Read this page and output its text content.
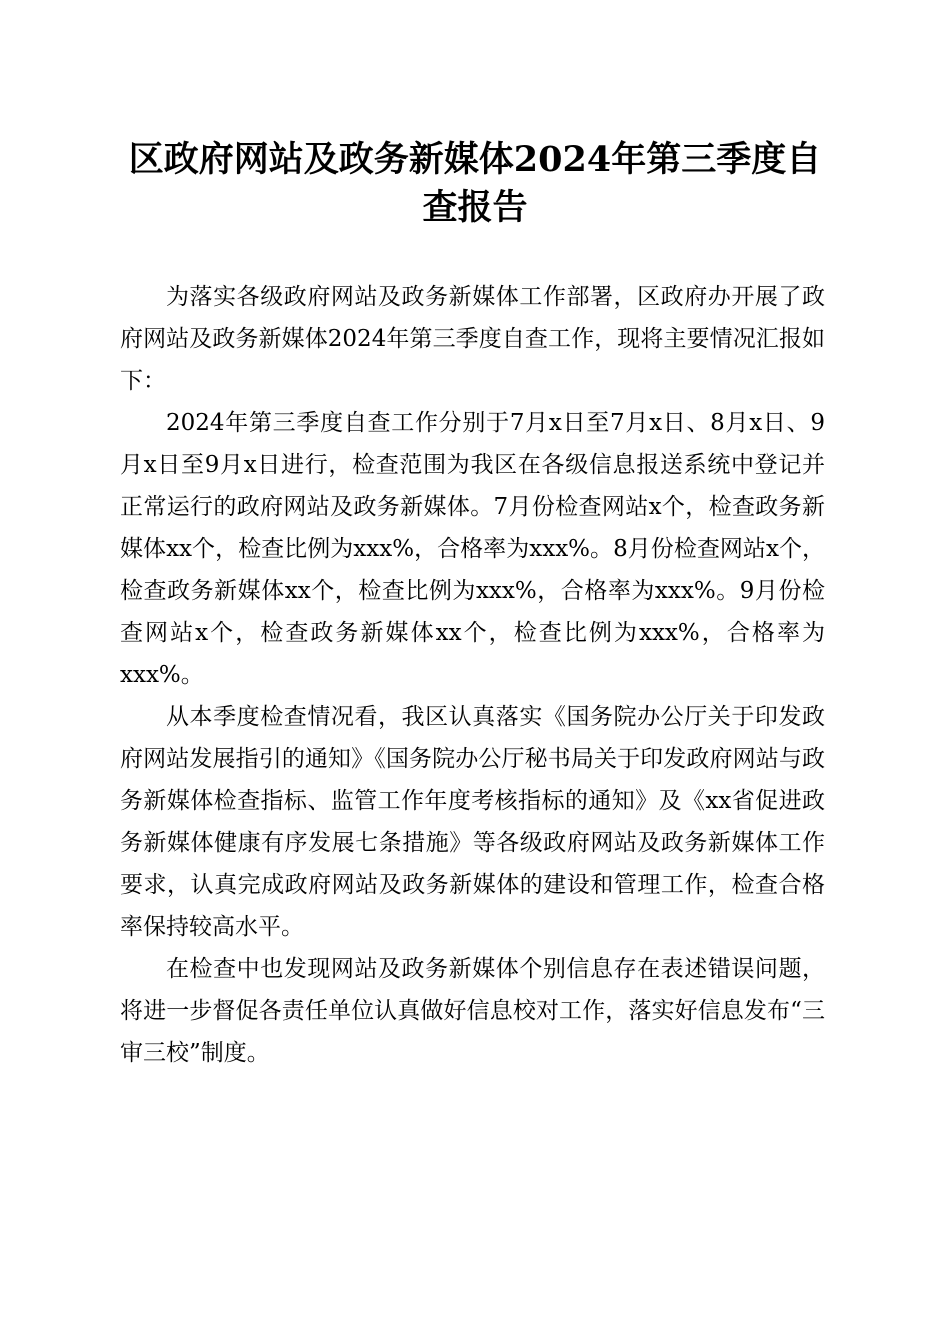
区政府网站及政务新媒体2024年第三季度自查报告

为落实各级政府网站及政务新媒体工作部署，区政府办开展了政府网站及政务新媒体2024年第三季度自查工作，现将主要情况汇报如下：

2024年第三季度自查工作分别于7月x日至7月x日、8月x日、9月x日至9月x日进行，检查范围为我区在各级信息报送系统中登记并正常运行的政府网站及政务新媒体。7月份检查网站x个，检查政务新媒体xx个，检查比例为xxx%，合格率为xxx%。8月份检查网站x个，检查政务新媒体xx个，检查比例为xxx%，合格率为xxx%。9月份检查网站x个，检查政务新媒体xx个，检查比例为xxx%，合格率为xxx%。

从本季度检查情况看，我区认真落实《国务院办公厅关于印发政府网站发展指引的通知》《国务院办公厅秘书局关于印发政府网站与政务新媒体检查指标、监管工作年度考核指标的通知》及《xx省促进政务新媒体健康有序发展七条措施》等各级政府网站及政务新媒体工作要求，认真完成政府网站及政务新媒体的建设和管理工作，检查合格率保持较高水平。

在检查中也发现网站及政务新媒体个别信息存在表述错误问题，将进一步督促各责任单位认真做好信息校对工作，落实好信息发布“三审三校”制度。
